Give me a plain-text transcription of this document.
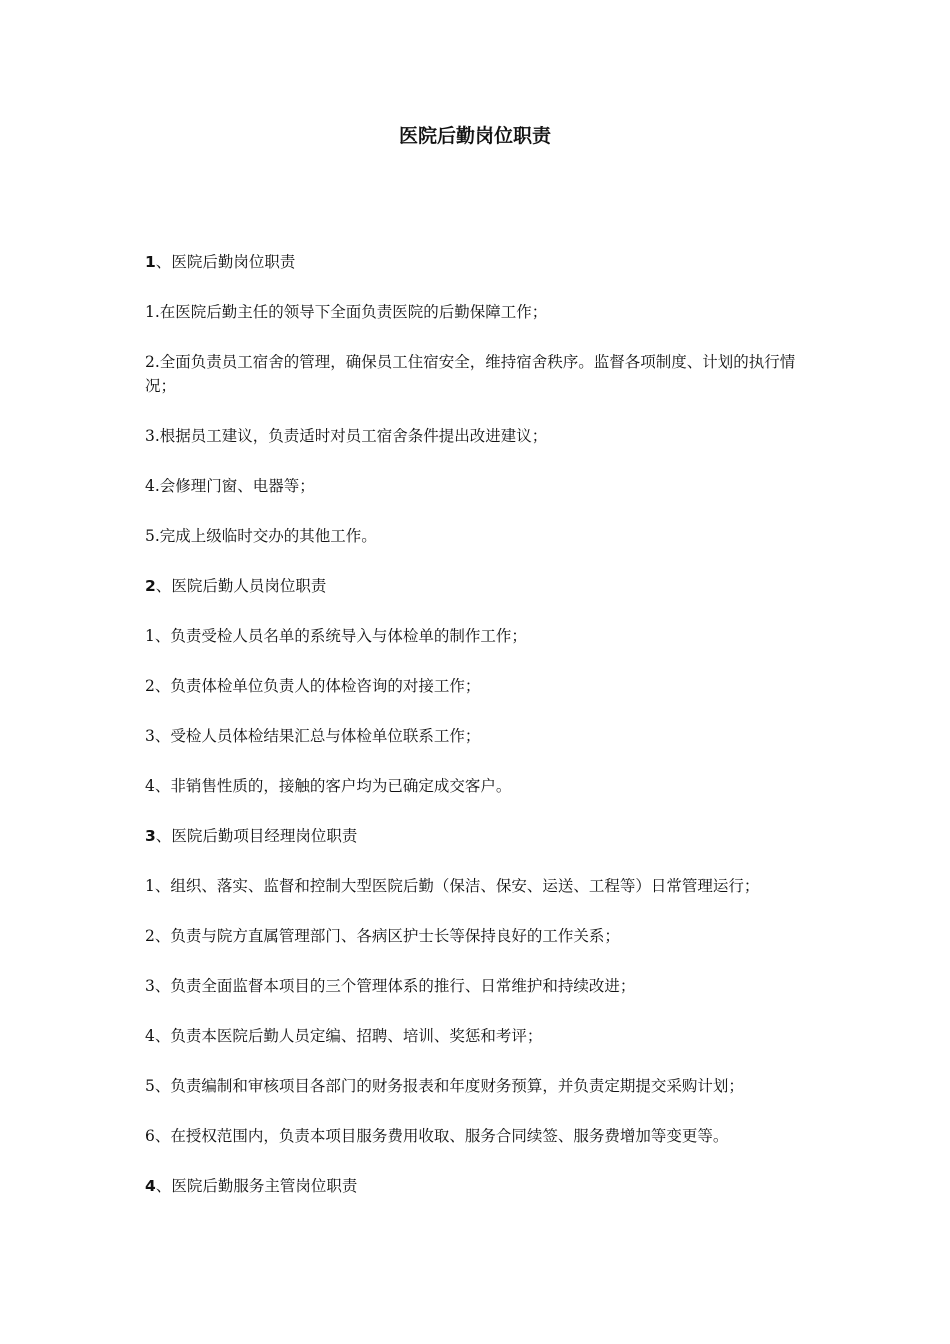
医院后勤岗位职责
1、医院后勤岗位职责

1.在医院后勤主任的领导下全面负责医院的后勤保障工作；

2.全面负责员工宿舍的管理，确保员工住宿安全，维持宿舍秩序。监督各项制度、计划的执行情况；

3.根据员工建议，负责适时对员工宿舍条件提出改进建议；

4.会修理门窗、电器等；

5.完成上级临时交办的其他工作。

2、医院后勤人员岗位职责

1、负责受检人员名单的系统导入与体检单的制作工作；

2、负责体检单位负责人的体检咨询的对接工作；

3、受检人员体检结果汇总与体检单位联系工作；

4、非销售性质的，接触的客户均为已确定成交客户。

3、医院后勤项目经理岗位职责

1、组织、落实、监督和控制大型医院后勤（保洁、保安、运送、工程等）日常管理运行；

2、负责与院方直属管理部门、各病区护士长等保持良好的工作关系；

3、负责全面监督本项目的三个管理体系的推行、日常维护和持续改进；

4、负责本医院后勤人员定编、招聘、培训、奖惩和考评；

5、负责编制和审核项目各部门的财务报表和年度财务预算，并负责定期提交采购计划；

6、在授权范围内，负责本项目服务费用收取、服务合同续签、服务费增加等变更等。

4、医院后勤服务主管岗位职责
